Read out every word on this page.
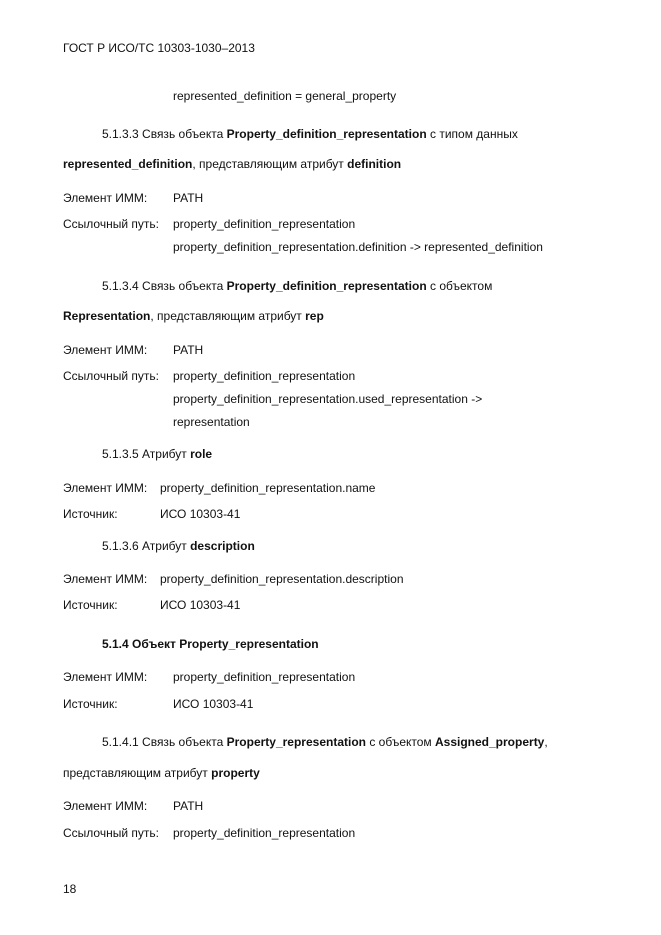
ГОСТ Р ИСО/ТС 10303-1030–2013
represented_definition = general_property
5.1.3.3 Связь объекта Property_definition_representation с типом данных
represented_definition, представляющим атрибут definition
Элемент ИММ: PATH
Ссылочный путь: property_definition_representation
property_definition_representation.definition -> represented_definition
5.1.3.4 Связь объекта Property_definition_representation с объектом
Representation, представляющим атрибут rep
Элемент ИММ: PATH
Ссылочный путь: property_definition_representation
property_definition_representation.used_representation ->
representation
5.1.3.5 Атрибут role
Элемент ИММ: property_definition_representation.name
Источник:	ИСО 10303-41
5.1.3.6 Атрибут description
Элемент ИММ: property_definition_representation.description
Источник:	ИСО 10303-41
5.1.4 Объект Property_representation
Элемент ИММ: property_definition_representation
Источник:	ИСО 10303-41
5.1.4.1 Связь объекта Property_representation с объектом Assigned_property,
представляющим атрибут property
Элемент ИММ: PATH
Ссылочный путь: property_definition_representation
18
